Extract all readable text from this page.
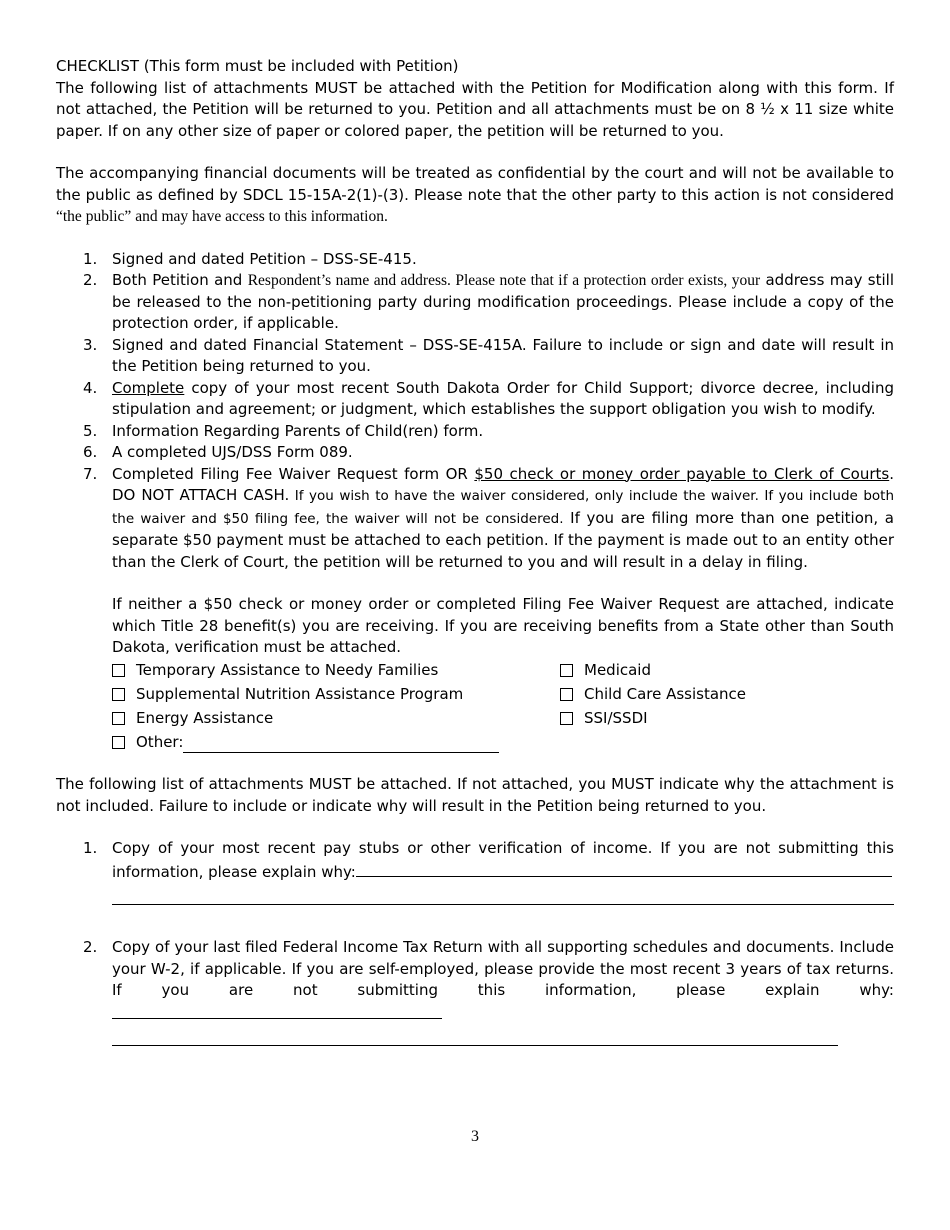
CHECKLIST (This form must be included with Petition)

The following list of attachments MUST be attached with the Petition for Modification along with this form. If not attached, the Petition will be returned to you. Petition and all attachments must be on 8 ½ x 11 size white paper. If on any other size of paper or colored paper, the petition will be returned to you.

The accompanying financial documents will be treated as confidential by the court and will not be available to the public as defined by SDCL 15-15A-2(1)-(3). Please note that the other party to this action is not considered “the public” and may have access to this information.

1. Signed and dated Petition – DSS-SE-415.
2. Both Petition and Respondent’s name and address. Please note that if a protection order exists, your address may still be released to the non-petitioning party during modification proceedings. Please include a copy of the protection order, if applicable.
3. Signed and dated Financial Statement – DSS-SE-415A. Failure to include or sign and date will result in the Petition being returned to you.
4. Complete copy of your most recent South Dakota Order for Child Support; divorce decree, including stipulation and agreement; or judgment, which establishes the support obligation you wish to modify.
5. Information Regarding Parents of Child(ren) form.
6. A completed UJS/DSS Form 089.
7. Completed Filing Fee Waiver Request form OR $50 check or money order payable to Clerk of Courts. DO NOT ATTACH CASH. If you wish to have the waiver considered, only include the waiver. If you include both the waiver and $50 filing fee, the waiver will not be considered. If you are filing more than one petition, a separate $50 payment must be attached to each petition. If the payment is made out to an entity other than the Clerk of Court, the petition will be returned to you and will result in a delay in filing.

If neither a $50 check or money order or completed Filing Fee Waiver Request are attached, indicate which Title 28 benefit(s) you are receiving. If you are receiving benefits from a State other than South Dakota, verification must be attached.

Temporary Assistance to Needy Families	Medicaid
Supplemental Nutrition Assistance Program	Child Care Assistance
Energy Assistance	SSI/SSDI
Other:

The following list of attachments MUST be attached. If not attached, you MUST indicate why the attachment is not included. Failure to include or indicate why will result in the Petition being returned to you.

1. Copy of your most recent pay stubs or other verification of income. If you are not submitting this information, please explain why:
2. Copy of your last filed Federal Income Tax Return with all supporting schedules and documents. Include your W-2, if applicable. If you are self-employed, please provide the most recent 3 years of tax returns. If you are not submitting this information, please explain why:
3
